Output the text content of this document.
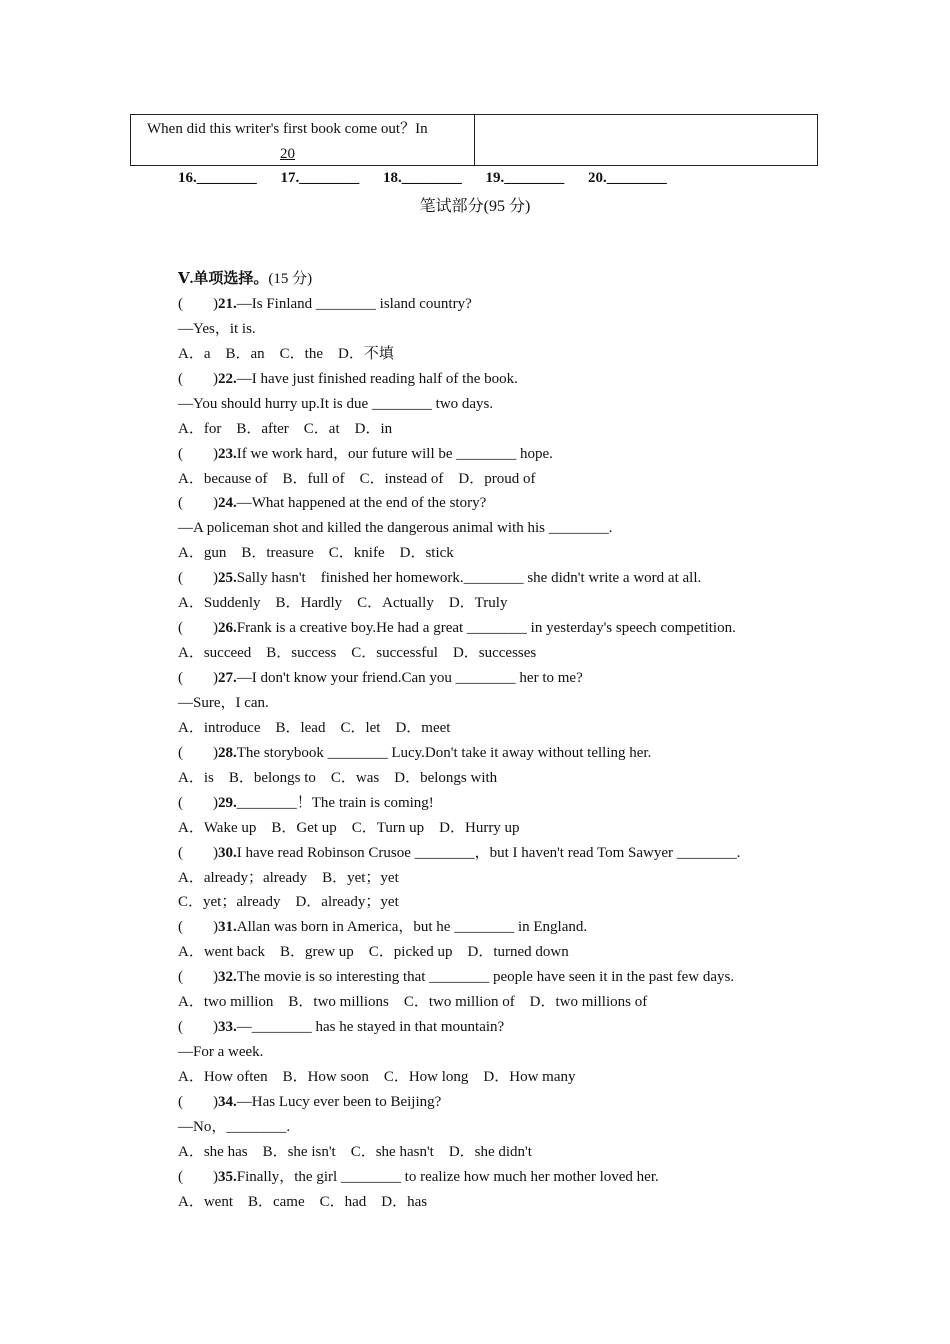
When did this writer's first book come out？In
20
16.________ 17.________ 18.________ 19.________ 20.________
笔试部分(95 分)
Ⅴ.单项选择。(15 分)
(        )21.—Is Finland ________ island country?
—Yes，it is.
A．a    B．an    C．the    D．不填
(        )22.—I have just finished reading half of the book.
—You should hurry up.It is due ________ two days.
A．for    B．after    C．at    D．in
(        )23.If we work hard，our future will be ________ hope.
A．because of    B．full of    C．instead of    D．proud of
(        )24.—What happened at the end of the story?
—A policeman shot and killed the dangerous animal with his ________.
A．gun    B．treasure    C．knife    D．stick
(        )25.Sally hasn't    finished her homework.________ she didn't write a word at all.
A．Suddenly    B．Hardly    C．Actually    D．Truly
(        )26.Frank is a creative boy.He had a great ________ in yesterday's speech competition.
A．succeed    B．success    C．successful    D．successes
(        )27.—I don't know your friend.Can you ________ her to me?
—Sure，I can.
A．introduce    B．lead    C．let    D．meet
(        )28.The storybook ________ Lucy.Don't take it away without telling her.
A．is    B．belongs to    C．was    D．belongs with
(        )29.________！The train is coming!
A．Wake up    B．Get up    C．Turn up    D．Hurry up
(        )30.I have read Robinson Crusoe ________，but I haven't read Tom Sawyer ________.
A．already；already    B．yet；yet
C．yet；already    D．already；yet
(        )31.Allan was born in America，but he ________ in England.
A．went back    B．grew up    C．picked up    D．turned down
(        )32.The movie is so interesting that ________ people have seen it in the past few days.
A．two million    B．two millions    C．two million of    D．two millions of
(        )33.—________ has he stayed in that mountain?
—For a week.
A．How often    B．How soon    C．How long    D．How many
(        )34.—Has Lucy ever been to Beijing?
—No，________.
A．she has    B．she isn't    C．she hasn't    D．she didn't
(        )35.Finally，the girl ________ to realize how much her mother loved her.
A．went    B．came    C．had    D．has
